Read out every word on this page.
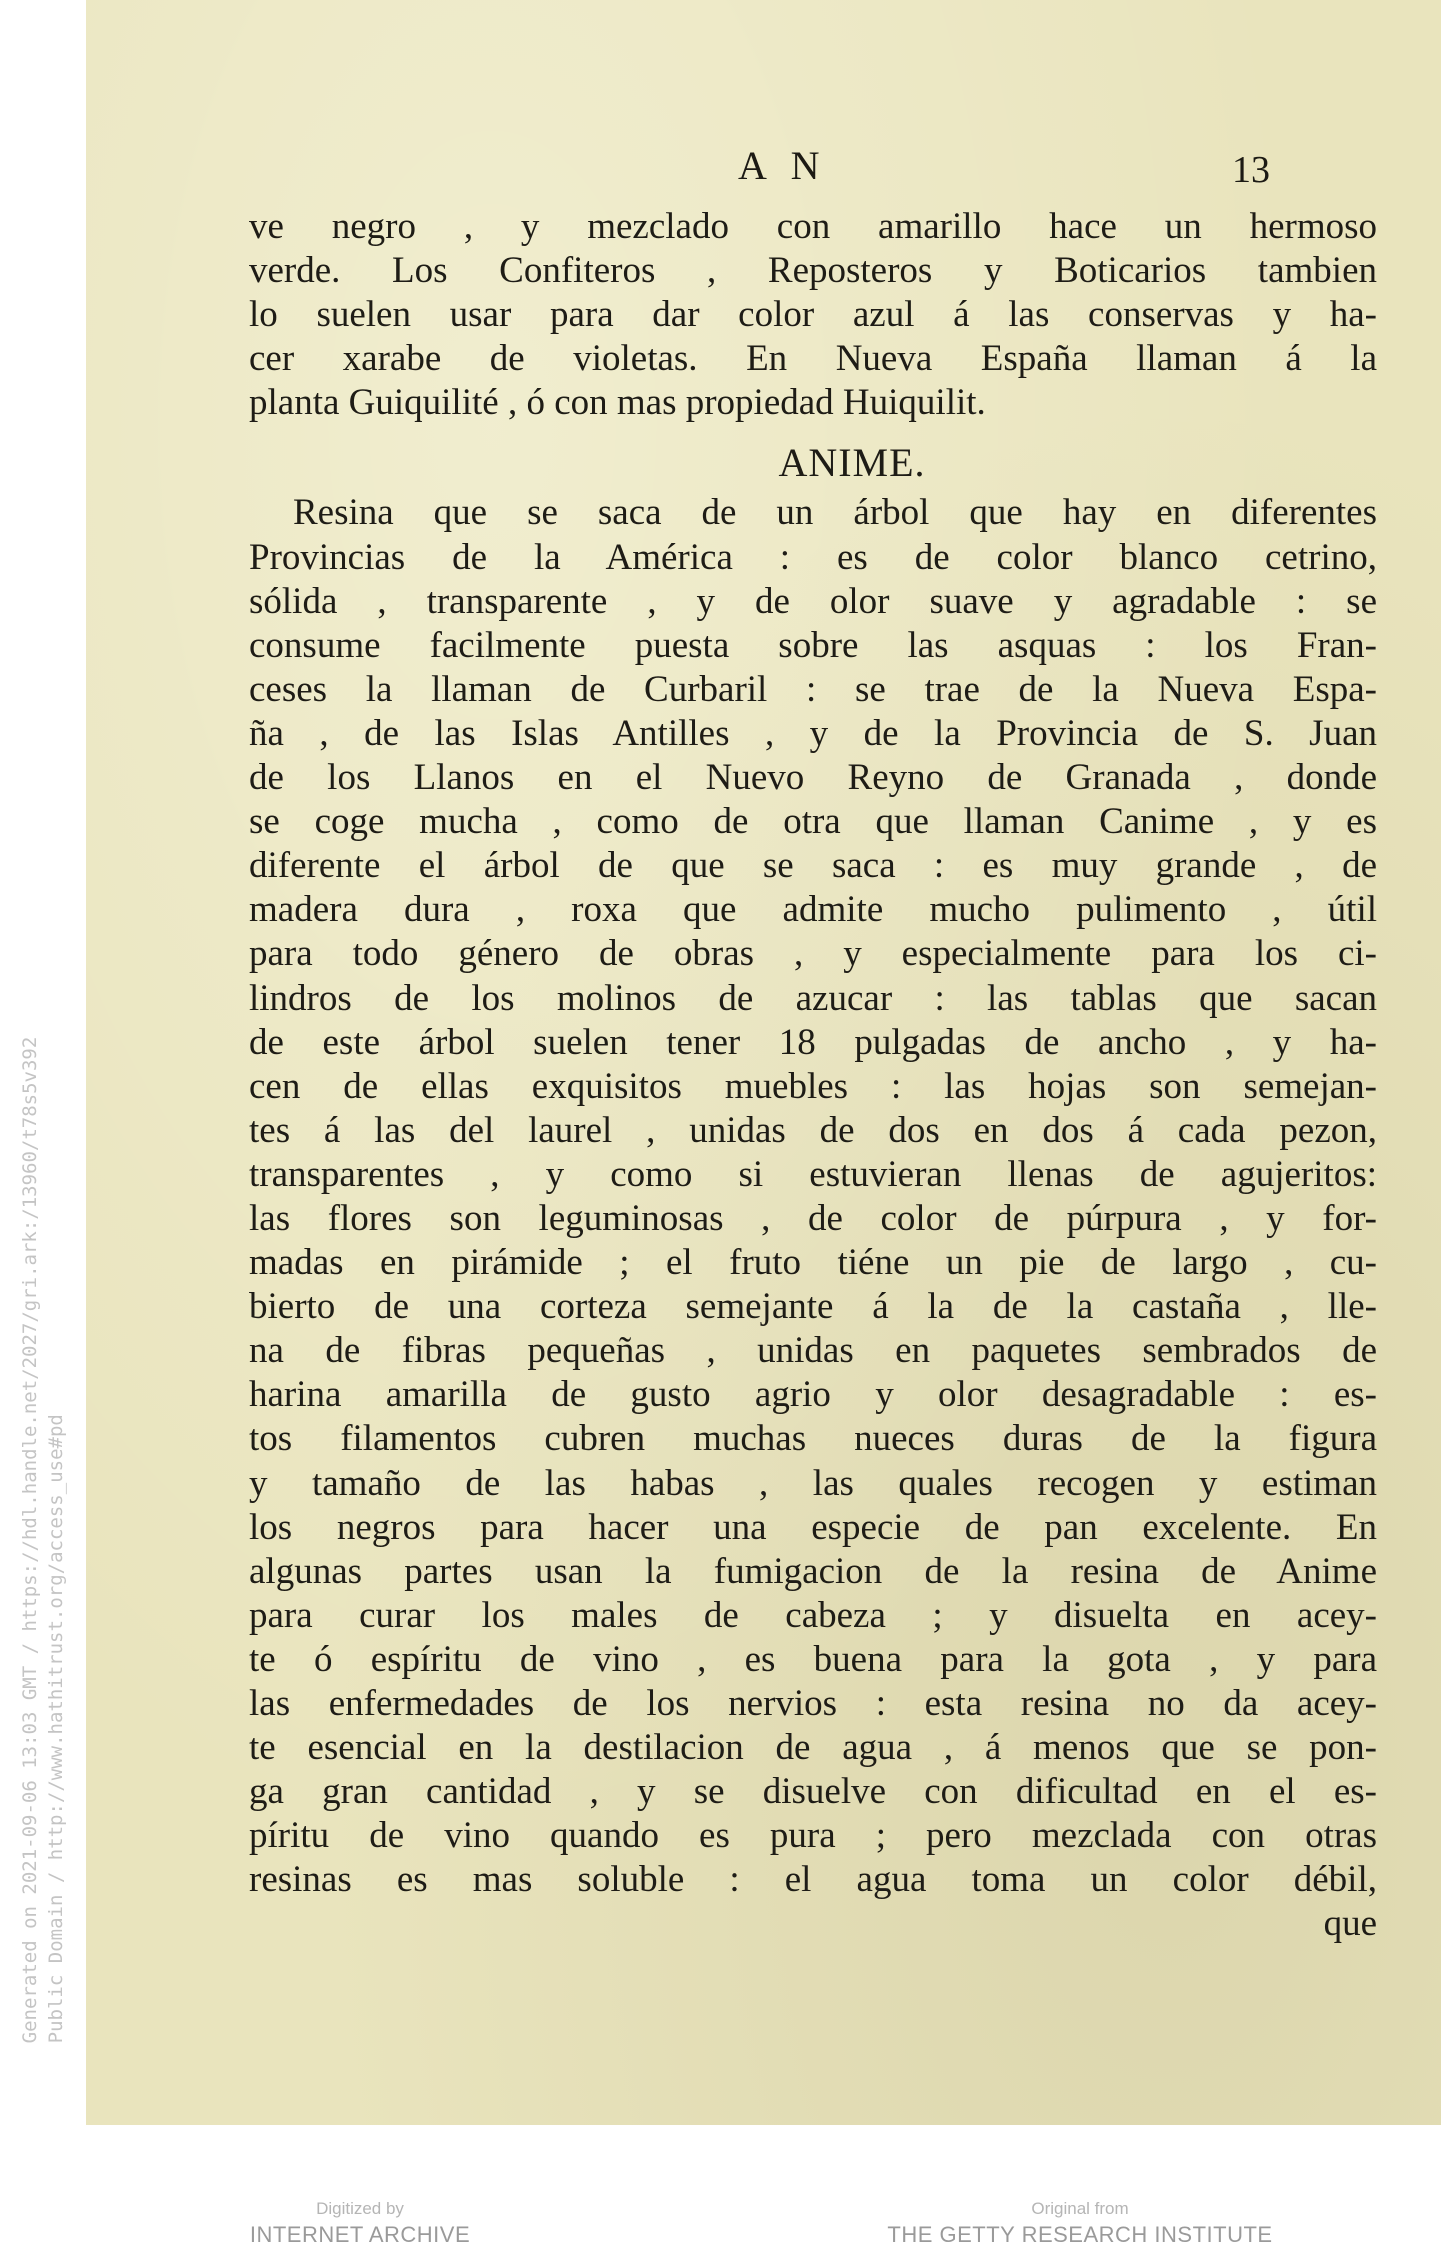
Generated on 2021-09-06 13:03 GMT / https://hdl.handle.net/2027/gri.ark:/13960/t78s5v392 Public Domain / http://www.hathitrust.org/access_use#pd
A N	13
ve negro , y mezclado con amarillo hace un hermoso
verde. Los Confiteros , Reposteros y Boticarios tambien
lo suelen usar para dar color azul á las conservas y ha-
cer xarabe de violetas. En Nueva España llaman á la
planta Guiquilité , ó con mas propiedad Huiquilit.
ANIME.
Resina que se saca de un árbol que hay en diferentes
Provincias de la América : es de color blanco cetrino,
sólida , transparente , y de olor suave y agradable : se
consume facilmente puesta sobre las asquas : los Fran-
ceses la llaman de Curbaril : se trae de la Nueva Espa-
ña , de las Islas Antilles , y de la Provincia de S. Juan
de los Llanos en el Nuevo Reyno de Granada , donde
se coge mucha , como de otra que llaman Canime , y es
diferente el árbol de que se saca : es muy grande , de
madera dura , roxa que admite mucho pulimento , útil
para todo género de obras , y especialmente para los ci-
lindros de los molinos de azucar : las tablas que sacan
de este árbol suelen tener 18 pulgadas de ancho , y ha-
cen de ellas exquisitos muebles : las hojas son semejan-
tes á las del laurel , unidas de dos en dos á cada pezon,
transparentes , y como si estuvieran llenas de agujeritos:
las flores son leguminosas , de color de púrpura , y for-
madas en pirámide ; el fruto tiéne un pie de largo , cu-
bierto de una corteza semejante á la de la castaña , lle-
na de fibras pequeñas , unidas en paquetes sembrados de
harina amarilla de gusto agrio y olor desagradable : es-
tos filamentos cubren muchas nueces duras de la figura
y tamaño de las habas , las quales recogen y estiman
los negros para hacer una especie de pan excelente. En
algunas partes usan la fumigacion de la resina de Anime
para curar los males de cabeza ; y disuelta en acey-
te ó espíritu de vino , es buena para la gota , y para
las enfermedades de los nervios : esta resina no da acey-
te esencial en la destilacion de agua , á menos que se pon-
ga gran cantidad , y se disuelve con dificultad en el es-
píritu de vino quando es pura ; pero mezclada con otras
resinas es mas soluble : el agua toma un color débil,
que
Digitized by
INTERNET ARCHIVE
Original from
THE GETTY RESEARCH INSTITUTE
